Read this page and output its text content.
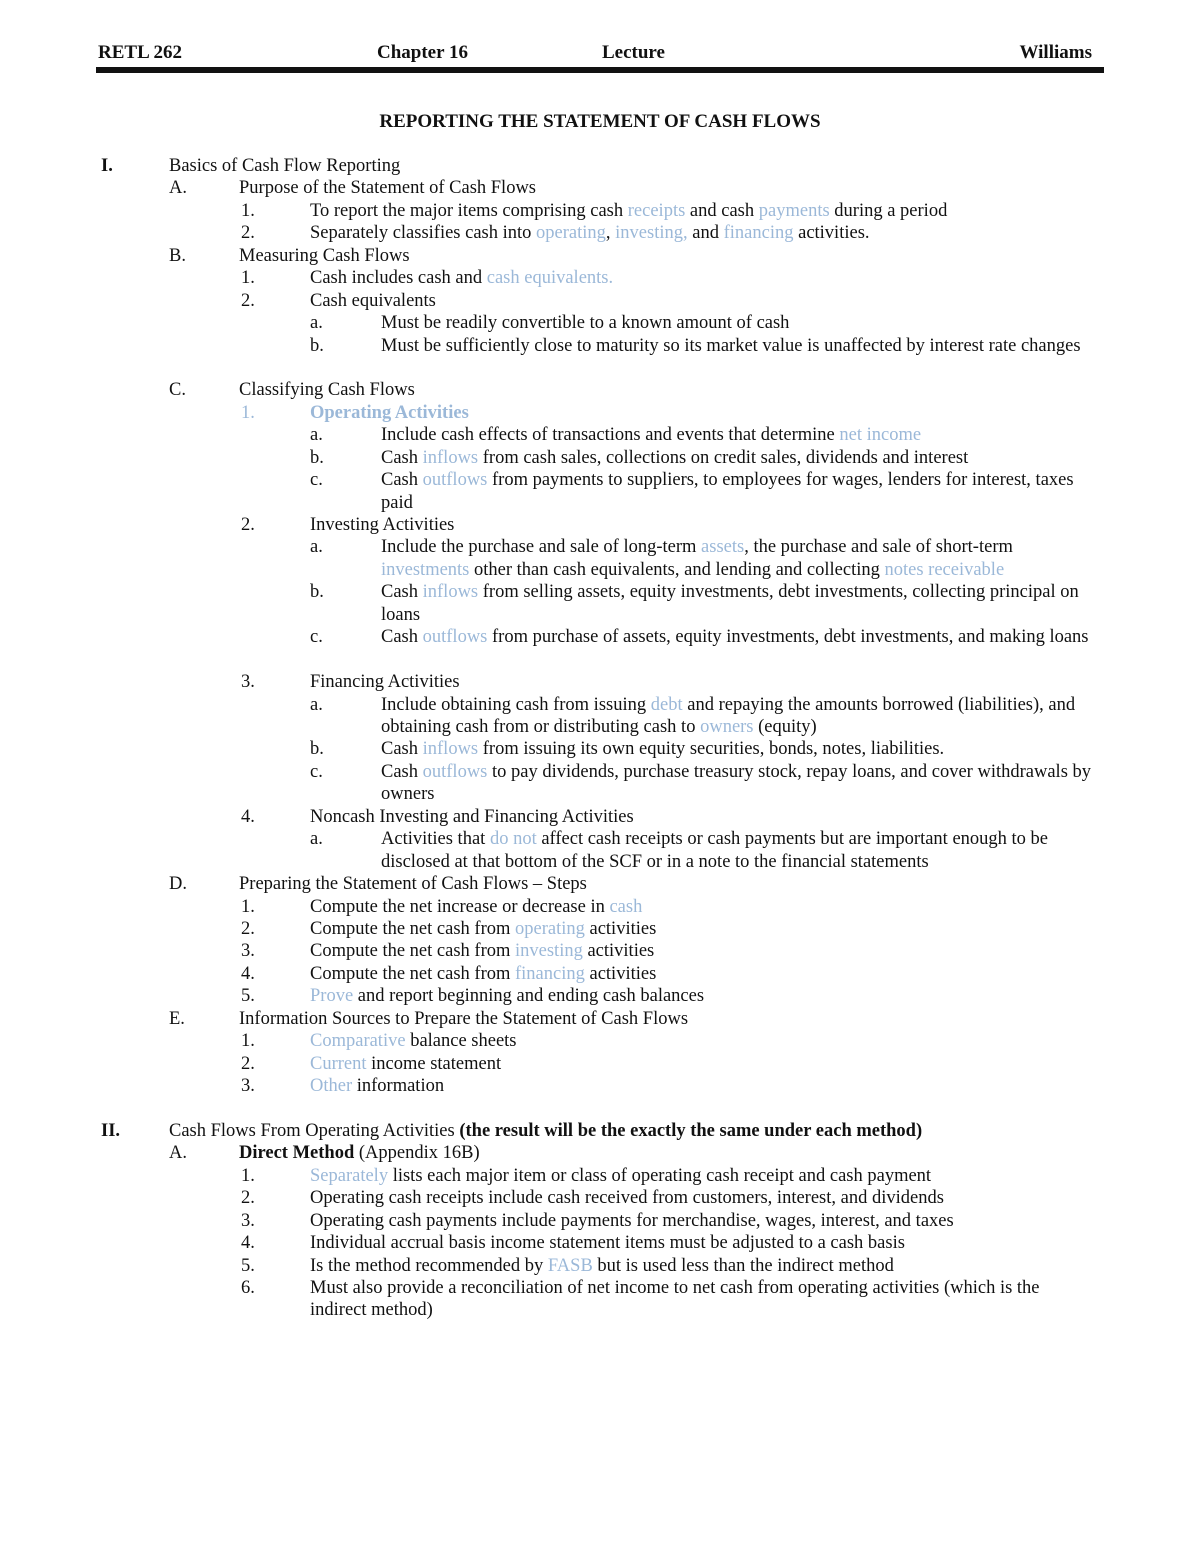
RETL 262	Chapter 16	Lecture	Williams
REPORTING THE STATEMENT OF CASH FLOWS
I.	Basics of Cash Flow Reporting
A.	Purpose of the Statement of Cash Flows
1.	To report the major items comprising cash receipts and cash payments during a period
2.	Separately classifies cash into operating, investing, and financing activities.
B.	Measuring Cash Flows
1.	Cash includes cash and cash equivalents.
2.	Cash equivalents
a.	Must be readily convertible to a known amount of cash
b.	Must be sufficiently close to maturity so its market value is unaffected by interest rate changes
C.	Classifying Cash Flows
1.	Operating Activities
a.	Include cash effects of transactions and events that determine net income
b.	Cash inflows from cash sales, collections on credit sales, dividends and interest
c.	Cash outflows from payments to suppliers, to employees for wages, lenders for interest, taxes paid
2.	Investing Activities
a.	Include the purchase and sale of long-term assets, the purchase and sale of short-term investments other than cash equivalents, and lending and collecting notes receivable
b.	Cash inflows from selling assets, equity investments, debt investments, collecting principal on loans
c.	Cash outflows from purchase of assets, equity investments, debt investments, and making loans
3.	Financing Activities
a.	Include obtaining cash from issuing debt and repaying the amounts borrowed (liabilities), and obtaining cash from or distributing cash to owners (equity)
b.	Cash inflows from issuing its own equity securities, bonds, notes, liabilities.
c.	Cash outflows to pay dividends, purchase treasury stock, repay loans, and cover withdrawals by owners
4.	Noncash Investing and Financing Activities
a.	Activities that do not affect cash receipts or cash payments but are important enough to be disclosed at that bottom of the SCF or in a note to the financial statements
D.	Preparing the Statement of Cash Flows – Steps
1.	Compute the net increase or decrease in cash
2.	Compute the net cash from operating activities
3.	Compute the net cash from investing activities
4.	Compute the net cash from financing activities
5.	Prove and report beginning and ending cash balances
E.	Information Sources to Prepare the Statement of Cash Flows
1.	Comparative balance sheets
2.	Current income statement
3.	Other information
II.	Cash Flows From Operating Activities (the result will be the exactly the same under each method)
A.	Direct Method (Appendix 16B)
1.	Separately lists each major item or class of operating cash receipt and cash payment
2.	Operating cash receipts include cash received from customers, interest, and dividends
3.	Operating cash payments include payments for merchandise, wages, interest, and taxes
4.	Individual accrual basis income statement items must be adjusted to a cash basis
5.	Is the method recommended by FASB but is used less than the indirect method
6.	Must also provide a reconciliation of net income to net cash from operating activities (which is the indirect method)
